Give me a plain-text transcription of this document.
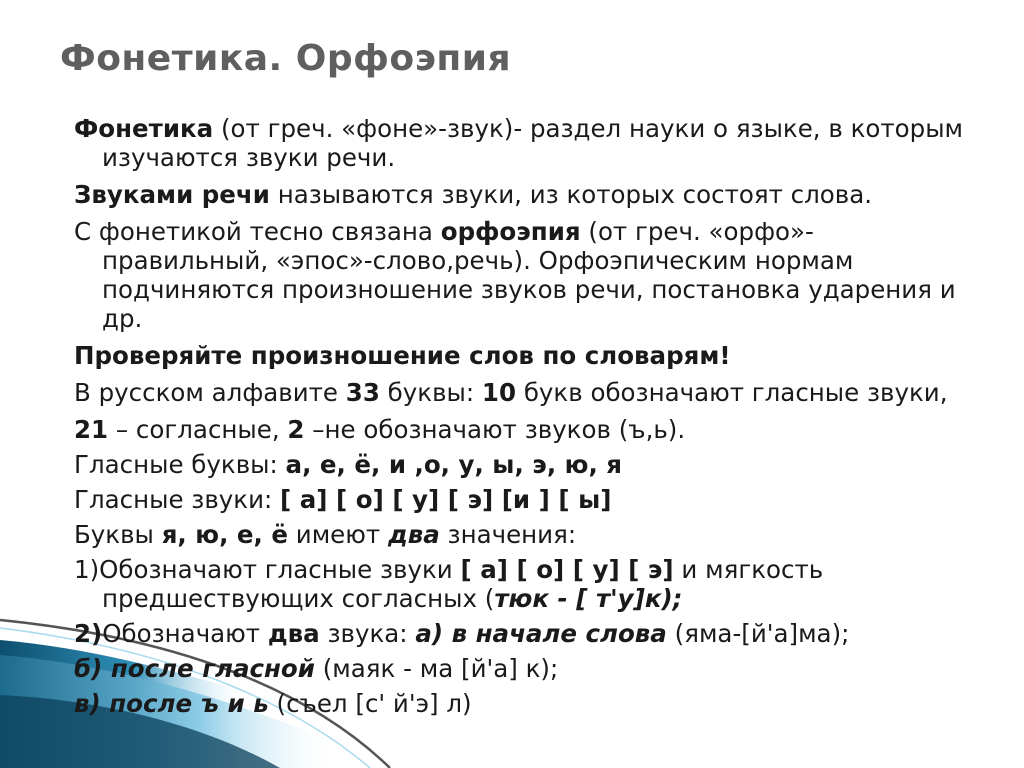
Фонетика. Орфоэпия

Фонетика (от греч. «фоне»-звук)- раздел науки о языке, в которым изучаются звуки речи.

Звуками речи называются звуки, из которых состоят слова.

С фонетикой тесно связана орфоэпия (от греч. «орфо»-правильный, «эпос»-слово,речь). Орфоэпическим нормам подчиняются произношение звуков речи, постановка ударения и др.

Проверяйте произношение слов по словарям!

В русском алфавите 33 буквы: 10 букв обозначают гласные звуки,

21 – согласные, 2 –не обозначают звуков (ъ,ь).

Гласные буквы: а, е, ё, и ,о, у, ы, э, ю, я

Гласные звуки: [ а] [ о] [ у] [ э] [и ] [ ы]

Буквы я, ю, е, ё имеют два значения:

1)Обозначают гласные звуки [ а] [ о] [ у] [ э] и мягкость предшествующих согласных (тюк - [ т'у]к);

2)Обозначают два звука: а) в начале слова (яма-[й'а]ма);

б) после гласной (маяк - ма [й'а] к);

в) после ъ и ь (съел [с' й'э] л)
